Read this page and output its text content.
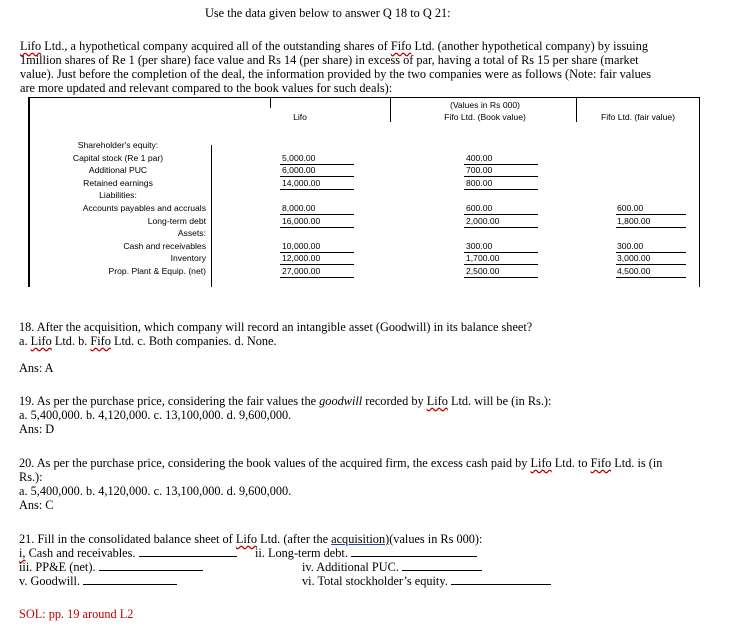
Use the data given below to answer Q 18 to Q 21:
Lifo Ltd., a hypothetical company acquired all of the outstanding shares of Fifo Ltd. (another hypothetical company) by issuing
1million shares of Re 1 (per share) face value and Rs 14 (per share) in excess of par, having a total of Rs 15 per share (market
value). Just before the completion of the deal, the information provided by the two companies were as follows (Note: fair values
are more updated and relevant compared to the book values for such deals):
(Values in Rs 000)
Lifo	Fifo Ltd. (Book value)	Fifo Ltd. (fair value)
Shareholder's equity:
Capital stock (Re 1 par)	5,000.00	400.00
Additional PUC	6,000.00	700.00
Retained earnings	14,000.00	800.00
Liabilities:
Accounts payables and accruals	8,000.00	600.00	600.00
Long-term debt	16,000.00	2,000.00	1,800.00
Assets:
Cash and receivables	10,000.00	300.00	300.00
Inventory	12,000.00	1,700.00	3,000.00
Prop. Plant & Equip. (net)	27,000.00	2,500.00	4,500.00
18. After the acquisition, which company will record an intangible asset (Goodwill) in its balance sheet?
a. Lifo Ltd. b. Fifo Ltd. c. Both companies. d. None.
Ans: A
19. As per the purchase price, considering the fair values the goodwill recorded by Lifo Ltd. will be (in Rs.):
a. 5,400,000. b. 4,120,000. c. 13,100,000. d. 9,600,000.
Ans: D
20. As per the purchase price, considering the book values of the acquired firm, the excess cash paid by Lifo Ltd. to Fifo Ltd. is (in
Rs.):
a. 5,400,000. b. 4,120,000. c. 13,100,000. d. 9,600,000.
Ans: C
21. Fill in the consolidated balance sheet of Lifo Ltd. (after the acquisition)(values in Rs 000):
i, Cash and receivables.	ii. Long-term debt.
iii. PP&E (net).	iv. Additional PUC.
v. Goodwill.	vi. Total stockholder’s equity.
SOL: pp. 19 around L2
